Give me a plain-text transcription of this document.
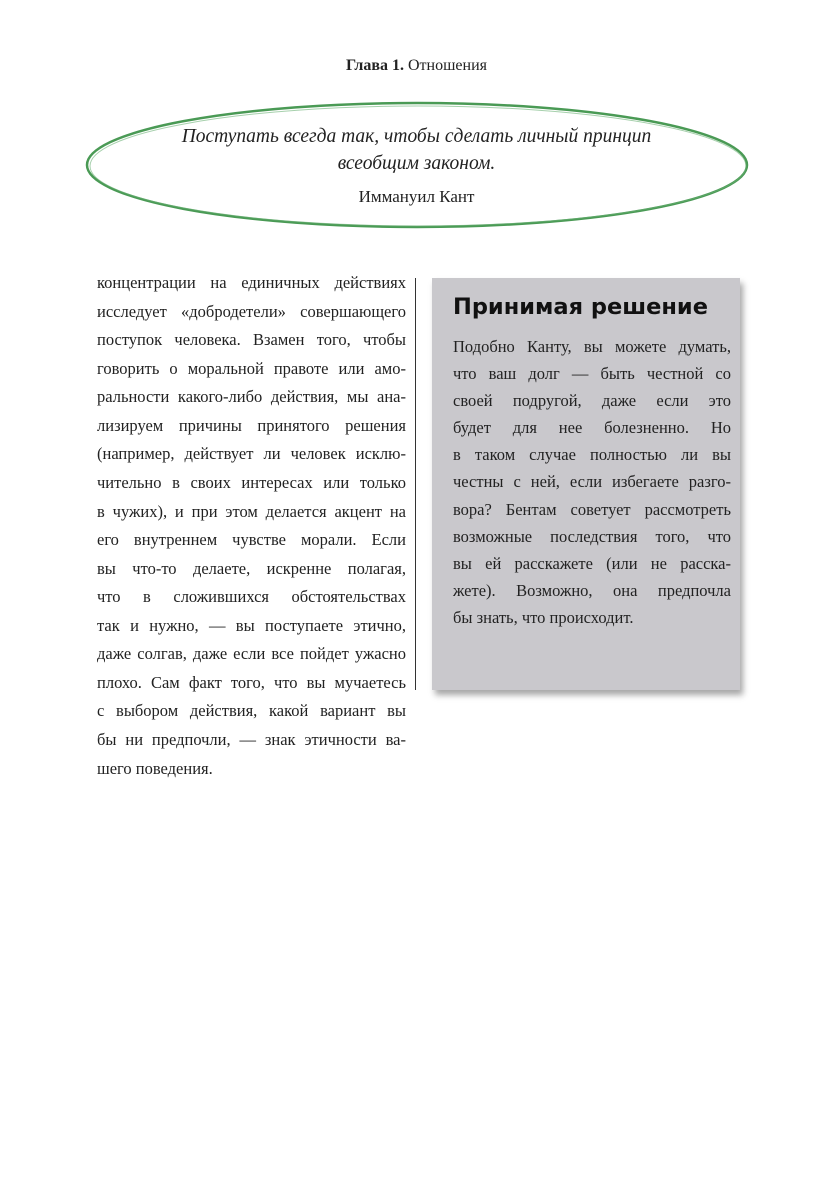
Глава 1. Отношения
Поступать всегда так, чтобы сделать личный принцип
всеобщим законом.
Иммануил Кант
концентрации на единичных действиях
исследует «добродетели» совершающего
поступок человека. Взамен того, чтобы
говорить о моральной правоте или амо-
ральности какого-либо действия, мы ана-
лизируем причины принятого решения
(например, действует ли человек исклю-
чительно в своих интересах или только
в чужих), и при этом делается акцент на
его внутреннем чувстве морали. Если
вы что-то делаете, искренне полагая,
что в сложившихся обстоятельствах
так и нужно, — вы поступаете этично,
даже солгав, даже если все пойдет ужасно
плохо. Сам факт того, что вы мучаетесь
с выбором действия, какой вариант вы
бы ни предпочли, — знак этичности ва-
шего поведения.
Принимая решение
Подобно Канту, вы можете думать,
что ваш долг — быть честной со
своей подругой, даже если это
будет для нее болезненно. Но
в таком случае полностью ли вы
честны с ней, если избегаете разго-
вора? Бентам советует рассмотреть
возможные последствия того, что
вы ей расскажете (или не расска-
жете). Возможно, она предпочла
бы знать, что происходит.
